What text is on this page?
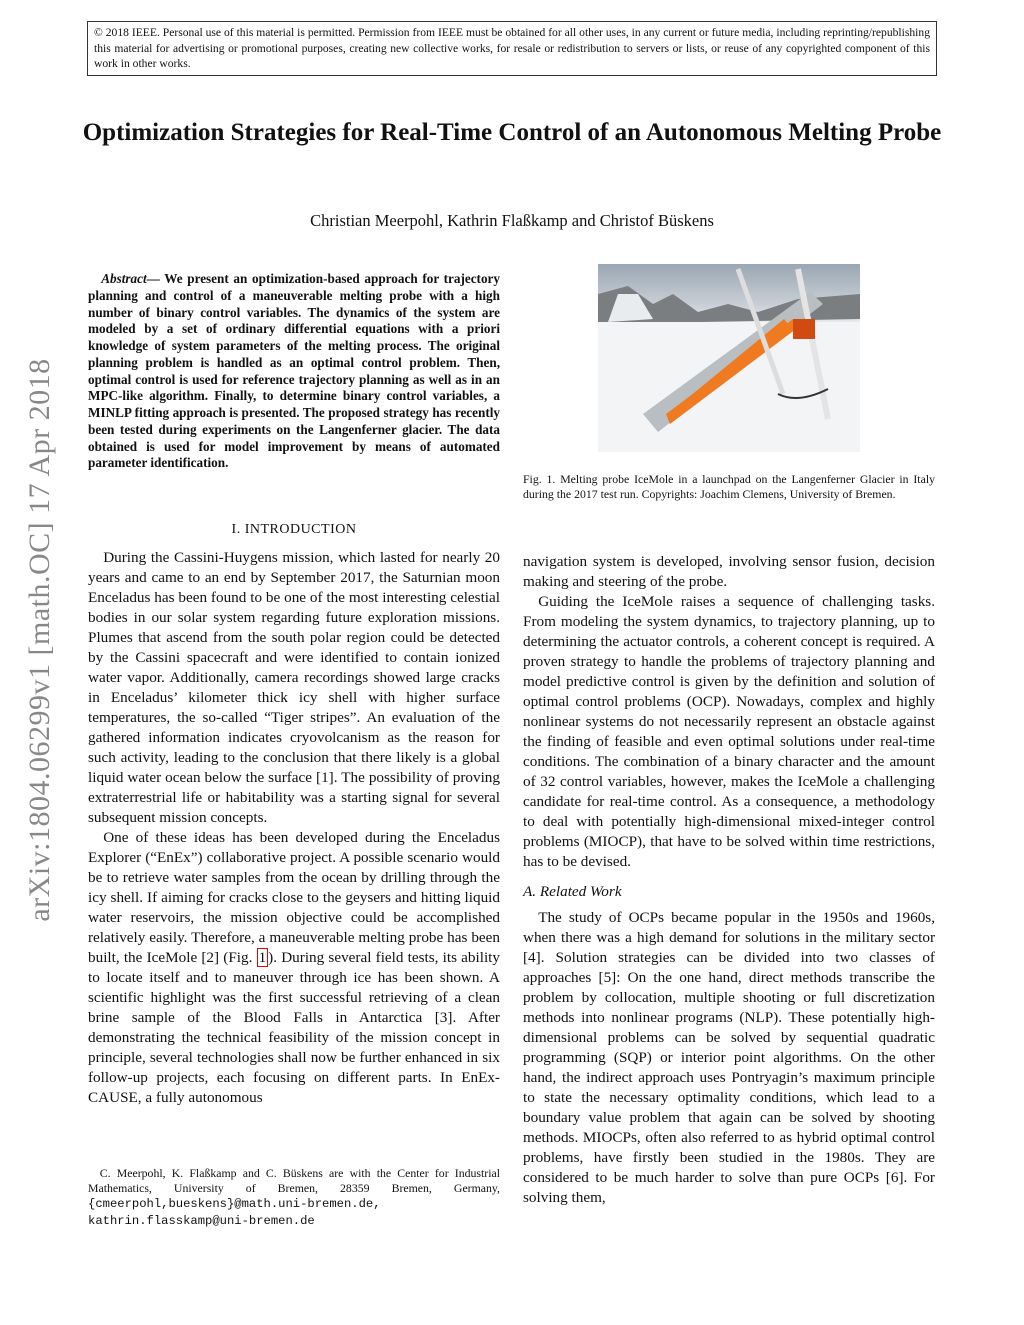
© 2018 IEEE. Personal use of this material is permitted. Permission from IEEE must be obtained for all other uses, in any current or future media, including reprinting/republishing this material for advertising or promotional purposes, creating new collective works, for resale or redistribution to servers or lists, or reuse of any copyrighted component of this work in other works.
arXiv:1804.06299v1 [math.OC] 17 Apr 2018
Optimization Strategies for Real-Time Control of an Autonomous Melting Probe
Christian Meerpohl, Kathrin Flaßkamp and Christof Büskens
Abstract— We present an optimization-based approach for trajectory planning and control of a maneuverable melting probe with a high number of binary control variables. The dynamics of the system are modeled by a set of ordinary differential equations with a priori knowledge of system parameters of the melting process. The original planning problem is handled as an optimal control problem. Then, optimal control is used for reference trajectory planning as well as in an MPC-like algorithm. Finally, to determine binary control variables, a MINLP fitting approach is presented. The proposed strategy has recently been tested during experiments on the Langenferner glacier. The data obtained is used for model improvement by means of automated parameter identification.
I. INTRODUCTION

During the Cassini-Huygens mission, which lasted for nearly 20 years and came to an end by September 2017, the Saturnian moon Enceladus has been found to be one of the most interesting celestial bodies in our solar system regarding future exploration missions. Plumes that ascend from the south polar region could be detected by the Cassini spacecraft and were identified to contain ionized water vapor. Additionally, camera recordings showed large cracks in Enceladus’ kilometer thick icy shell with higher surface temperatures, the so-called “Tiger stripes”. An evaluation of the gathered information indicates cryovolcanism as the reason for such activity, leading to the conclusion that there likely is a global liquid water ocean below the surface [1]. The possibility of proving extraterrestrial life or habitability was a starting signal for several subsequent mission concepts.

One of these ideas has been developed during the Enceladus Explorer (“EnEx”) collaborative project. A possible scenario would be to retrieve water samples from the ocean by drilling through the icy shell. If aiming for cracks close to the geysers and hitting liquid water reservoirs, the mission objective could be accomplished relatively easily. Therefore, a maneuverable melting probe has been built, the IceMole [2] (Fig. 1 ). During several field tests, its ability to locate itself and to maneuver through ice has been shown. A scientific highlight was the first successful retrieving of a clean brine sample of the Blood Falls in Antarctica [3]. After demonstrating the technical feasibility of the mission concept in principle, several technologies shall now be further enhanced in six follow-up projects, each focusing on different parts. In EnEx-CAUSE, a fully autonomous

C. Meerpohl, K. Flaßkamp and C. Büskens are with the Center for Industrial Mathematics, University of Bremen, 28359 Bremen, Germany, {cmeerpohl,bueskens}@math.uni-bremen.de, kathrin.flasskamp@uni-bremen.de
Fig. 1. Melting probe IceMole in a launchpad on the Langenferner Glacier in Italy during the 2017 test run. Copyrights: Joachim Clemens, University of Bremen.

navigation system is developed, involving sensor fusion, decision making and steering of the probe.

Guiding the IceMole raises a sequence of challenging tasks. From modeling the system dynamics, to trajectory planning, up to determining the actuator controls, a coherent concept is required. A proven strategy to handle the problems of trajectory planning and model predictive control is given by the definition and solution of optimal control problems (OCP). Nowadays, complex and highly nonlinear systems do not necessarily represent an obstacle against the finding of feasible and even optimal solutions under real-time conditions. The combination of a binary character and the amount of 32 control variables, however, makes the IceMole a challenging candidate for real-time control. As a consequence, a methodology to deal with potentially high-dimensional mixed-integer control problems (MIOCP), that have to be solved within time restrictions, has to be devised.

A. Related Work

The study of OCPs became popular in the 1950s and 1960s, when there was a high demand for solutions in the military sector [4]. Solution strategies can be divided into two classes of approaches [5]: On the one hand, direct methods transcribe the problem by collocation, multiple shooting or full discretization methods into nonlinear programs (NLP). These potentially high-dimensional problems can be solved by sequential quadratic programming (SQP) or interior point algorithms. On the other hand, the indirect approach uses Pontryagin’s maximum principle to state the necessary optimality conditions, which lead to a boundary value problem that again can be solved by shooting methods. MIOCPs, often also referred to as hybrid optimal control problems, have firstly been studied in the 1980s. They are considered to be much harder to solve than pure OCPs [6]. For solving them,
